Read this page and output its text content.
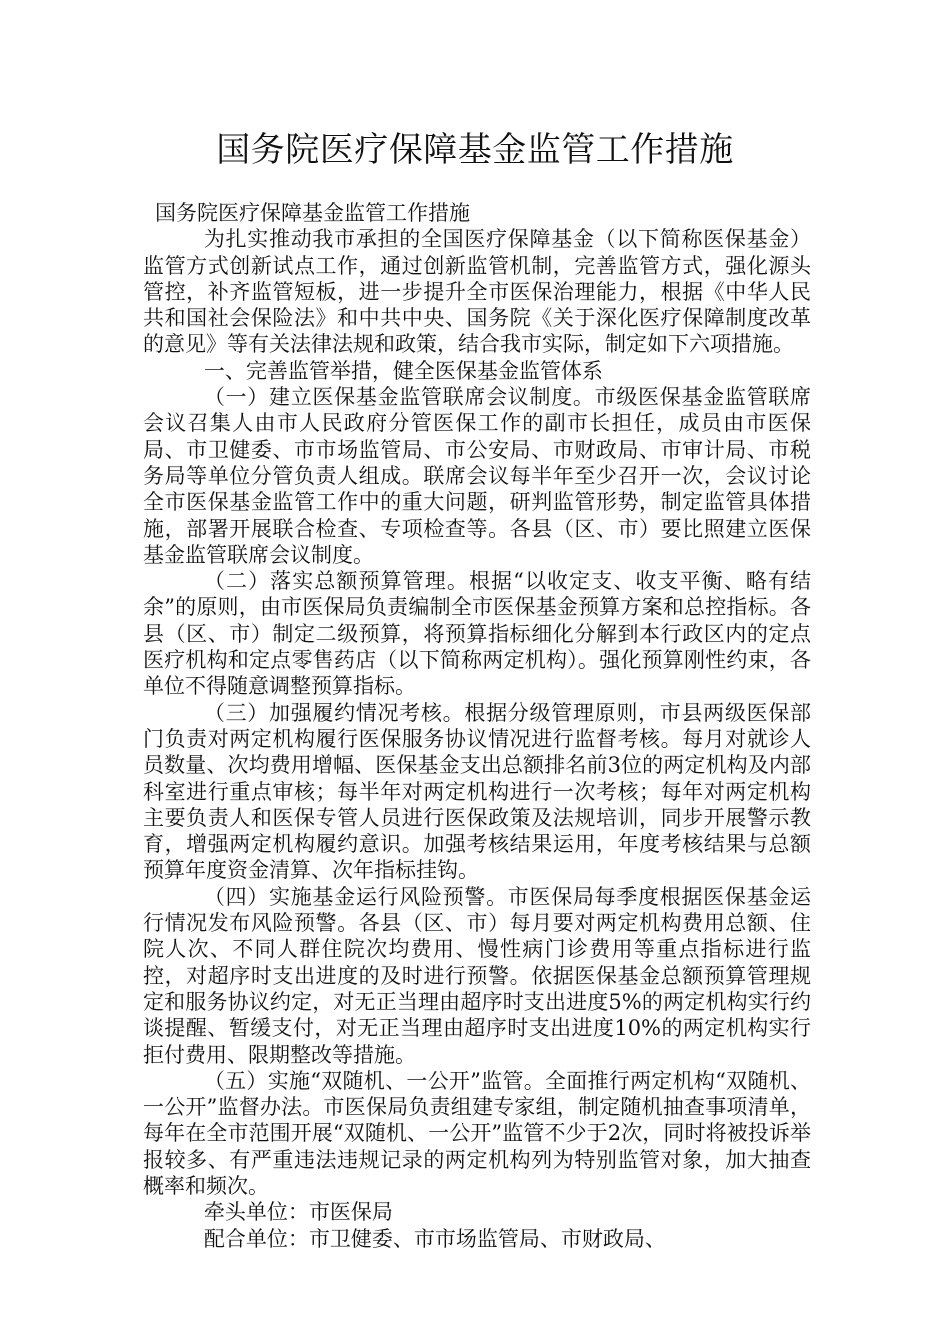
国务院医疗保障基金监管工作措施

国务院医疗保障基金监管工作措施

为扎实推动我市承担的全国医疗保障基金（以下简称医保基金）监管方式创新试点工作，通过创新监管机制，完善监管方式，强化源头管控，补齐监管短板，进一步提升全市医保治理能力，根据《中华人民共和国社会保险法》和中共中央、国务院《关于深化医疗保障制度改革的意见》等有关法律法规和政策，结合我市实际，制定如下六项措施。

一、完善监管举措，健全医保基金监管体系

（一）建立医保基金监管联席会议制度。市级医保基金监管联席会议召集人由市人民政府分管医保工作的副市长担任，成员由市医保局、市卫健委、市市场监管局、市公安局、市财政局、市审计局、市税务局等单位分管负责人组成。联席会议每半年至少召开一次，会议讨论全市医保基金监管工作中的重大问题，研判监管形势，制定监管具体措施，部署开展联合检查、专项检查等。各县（区、市）要比照建立医保基金监管联席会议制度。

（二）落实总额预算管理。根据“以收定支、收支平衡、略有结余”的原则，由市医保局负责编制全市医保基金预算方案和总控指标。各县（区、市）制定二级预算，将预算指标细化分解到本行政区内的定点医疗机构和定点零售药店（以下简称两定机构）。强化预算刚性约束，各单位不得随意调整预算指标。

（三）加强履约情况考核。根据分级管理原则，市县两级医保部门负责对两定机构履行医保服务协议情况进行监督考核。每月对就诊人员数量、次均费用增幅、医保基金支出总额排名前3位的两定机构及内部科室进行重点审核；每半年对两定机构进行一次考核；每年对两定机构主要负责人和医保专管人员进行医保政策及法规培训，同步开展警示教育，增强两定机构履约意识。加强考核结果运用，年度考核结果与总额预算年度资金清算、次年指标挂钩。

（四）实施基金运行风险预警。市医保局每季度根据医保基金运行情况发布风险预警。各县（区、市）每月要对两定机构费用总额、住院人次、不同人群住院次均费用、慢性病门诊费用等重点指标进行监控，对超序时支出进度的及时进行预警。依据医保基金总额预算管理规定和服务协议约定，对无正当理由超序时支出进度5%的两定机构实行约谈提醒、暂缓支付，对无正当理由超序时支出进度10%的两定机构实行拒付费用、限期整改等措施。

（五）实施“双随机、一公开”监管。全面推行两定机构“双随机、一公开”监督办法。市医保局负责组建专家组，制定随机抽查事项清单，每年在全市范围开展“双随机、一公开”监管不少于2次，同时将被投诉举报较多、有严重违法违规记录的两定机构列为特别监管对象，加大抽查概率和频次。

牵头单位：市医保局

配合单位：市卫健委、市市场监管局、市财政局、
